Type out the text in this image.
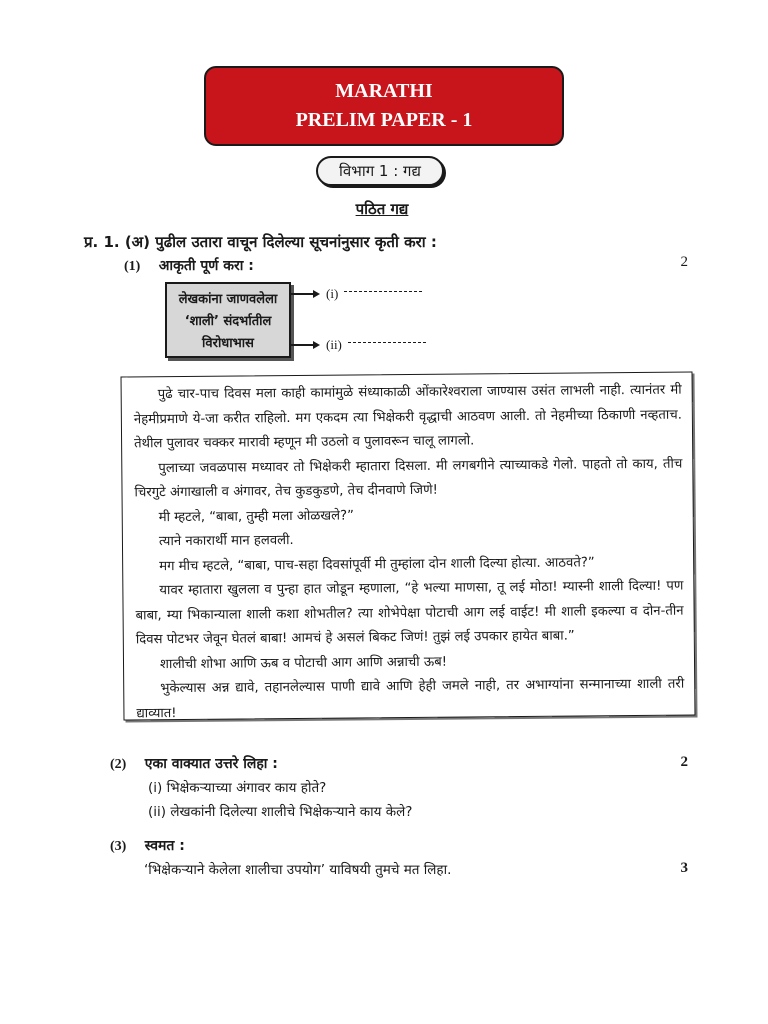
MARATHI
PRELIM PAPER - 1
विभाग 1 : गद्य
पठित गद्य
प्र. 1. (अ) पुढील उतारा वाचून दिलेल्या सूचनांनुसार कृती करा :
(1) आकृती पूर्ण करा :	2
लेखकांना जाणवलेला
‘शाली’ संदर्भातील
विरोधाभास
(i)
(ii)

पुढे चार-पाच दिवस मला काही कामांमुळे संध्याकाळी ओंकारेश्वराला जाण्यास उसंत लाभली नाही. त्यानंतर मी नेहमीप्रमाणे ये-जा करीत राहिलो. मग एकदम त्या भिक्षेकरी वृद्धाची आठवण आली. तो नेहमीच्या ठिकाणी नव्हताच. तेथील पुलावर चक्कर मारावी म्हणून मी उठलो व पुलावरून चालू लागलो.

पुलाच्या जवळपास मध्यावर तो भिक्षेकरी म्हातारा दिसला. मी लगबगीने त्याच्याकडे गेलो. पाहतो तो काय, तीच चिरगुटे अंगाखाली व अंगावर, तेच कुडकुडणे, तेच दीनवाणे जिणे!

मी म्हटले, “बाबा, तुम्ही मला ओळखले?”

त्याने नकारार्थी मान हलवली.

मग मीच म्हटले, “बाबा, पाच-सहा दिवसांपूर्वी मी तुम्हांला दोन शाली दिल्या होत्या. आठवते?”

यावर म्हातारा खुलला व पुन्हा हात जोडून म्हणाला, “हे भल्या माणसा, तू लई मोठा! म्यास्नी शाली दिल्या! पण बाबा, म्या भिकान्याला शाली कशा शोभतील? त्या शोभेपेक्षा पोटाची आग लई वाईट! मी शाली इकल्या व दोन-तीन दिवस पोटभर जेवून घेतलं बाबा! आमचं हे असलं बिकट जिणं! तुझं लई उपकार हायेत बाबा.”

शालीची शोभा आणि ऊब व पोटाची आग आणि अन्नाची ऊब!

भुकेल्यास अन्न द्यावे, तहानलेल्यास पाणी द्यावे आणि हेही जमले नाही, तर अभाग्यांना सन्मानाच्या शाली तरी द्याव्यात!

(2) एका वाक्यात उत्तरे लिहा :	2
(i) भिक्षेकऱ्याच्या अंगावर काय होते?
(ii) लेखकांनी दिलेल्या शालीचे भिक्षेकऱ्याने काय केले?
(3) स्वमत :
‘भिक्षेकऱ्याने केलेला शालीचा उपयोग’ याविषयी तुमचे मत लिहा.	3
